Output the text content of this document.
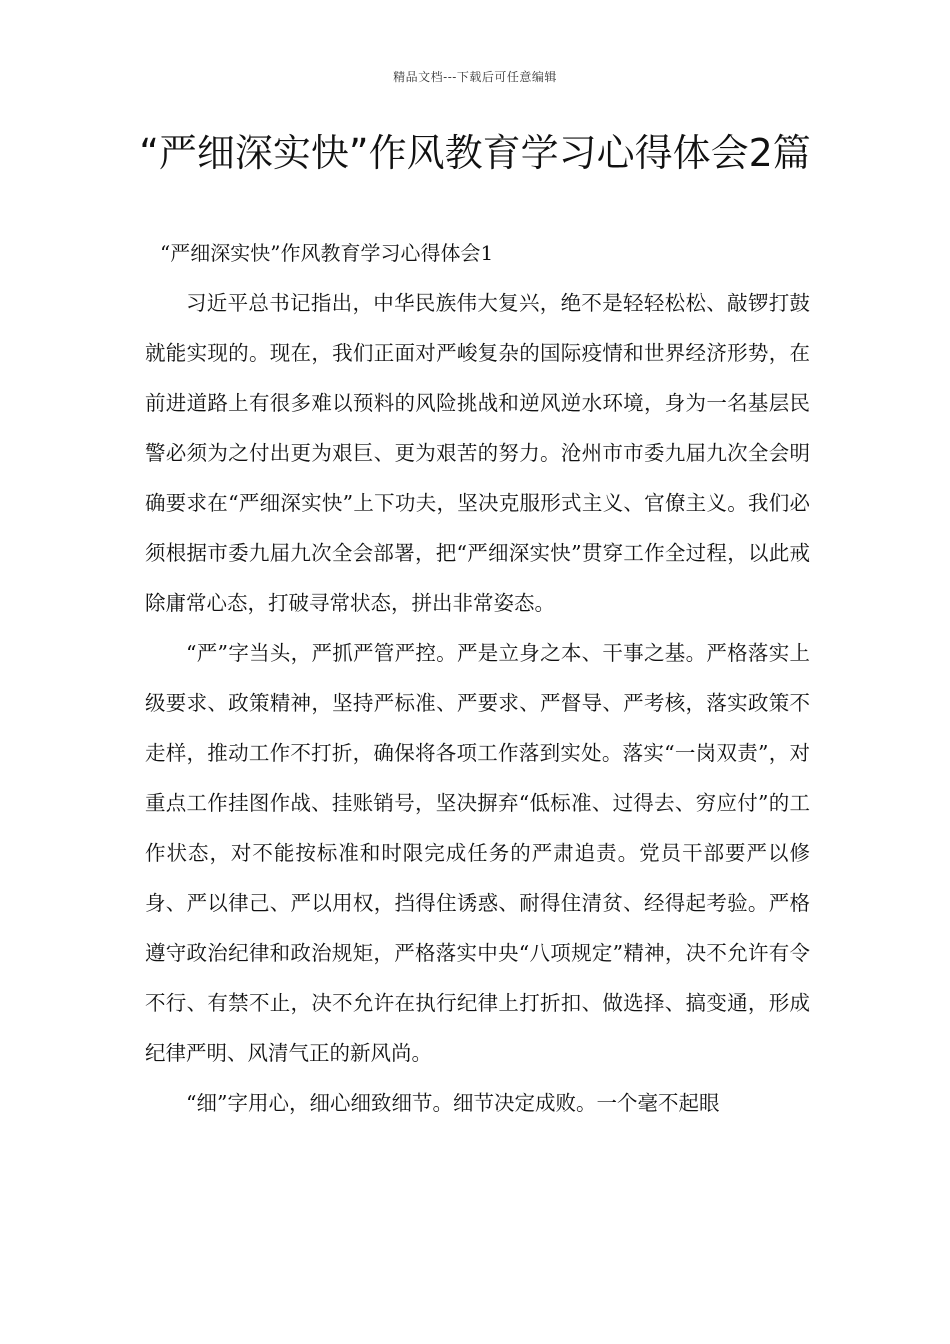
精品文档---下载后可任意编辑
“严细深实快”作风教育学习心得体会2篇
“严细深实快”作风教育学习心得体会1

习近平总书记指出，中华民族伟大复兴，绝不是轻轻松松、敲锣打鼓就能实现的。现在，我们正面对严峻复杂的国际疫情和世界经济形势，在前进道路上有很多难以预料的风险挑战和逆风逆水环境，身为一名基层民警必须为之付出更为艰巨、更为艰苦的努力。沧州市市委九届九次全会明确要求在“严细深实快”上下功夫，坚决克服形式主义、官僚主义。我们必须根据市委九届九次全会部署，把“严细深实快”贯穿工作全过程，以此戒除庸常心态，打破寻常状态，拼出非常姿态。

“严”字当头，严抓严管严控。严是立身之本、干事之基。严格落实上级要求、政策精神，坚持严标准、严要求、严督导、严考核，落实政策不走样，推动工作不打折，确保将各项工作落到实处。落实“一岗双责”，对重点工作挂图作战、挂账销号，坚决摒弃“低标准、过得去、穷应付”的工作状态，对不能按标准和时限完成任务的严肃追责。党员干部要严以修身、严以律己、严以用权，挡得住诱惑、耐得住清贫、经得起考验。严格遵守政治纪律和政治规矩，严格落实中央“八项规定”精神，决不允许有令不行、有禁不止，决不允许在执行纪律上打折扣、做选择、搞变通，形成纪律严明、风清气正的新风尚。

“细”字用心，细心细致细节。细节决定成败。一个毫不起眼
